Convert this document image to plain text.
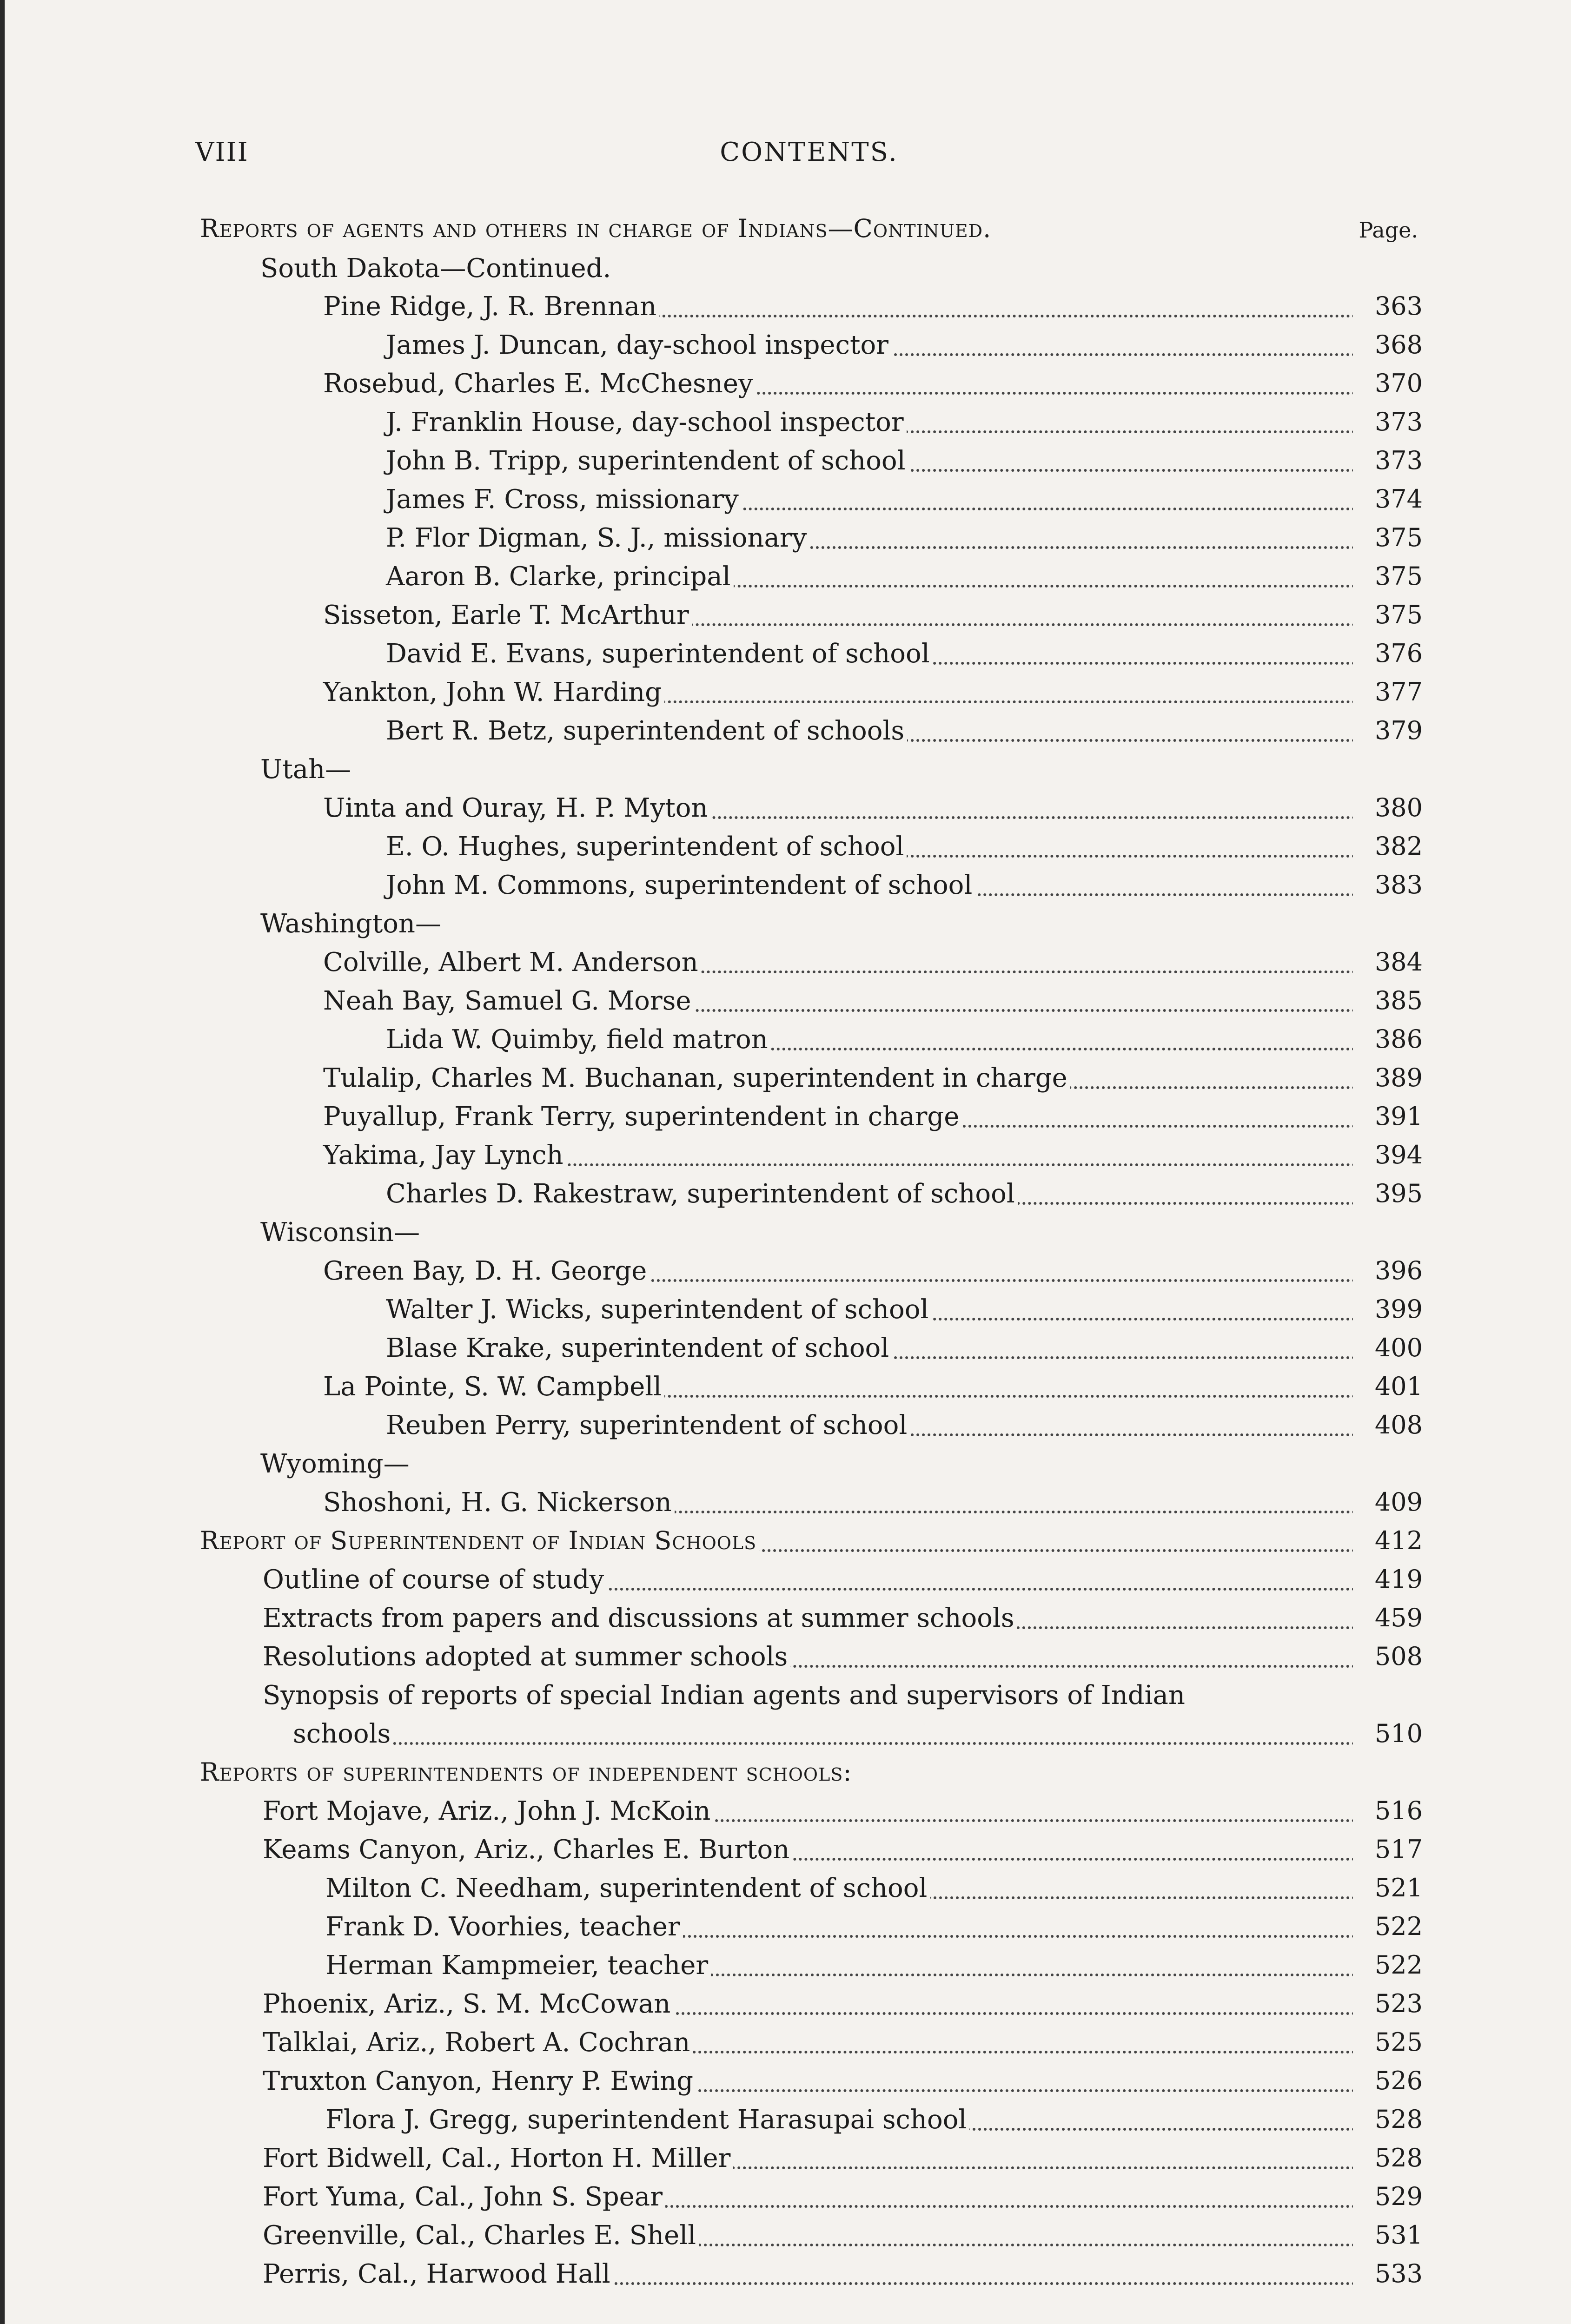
VIII	CONTENTS.
Reports of agents and others in charge of Indians—Continued.	Page.
South Dakota—Continued.
Pine Ridge, J. R. Brennan	363
James J. Duncan, day-school inspector	368
Rosebud, Charles E. McChesney	370
J. Franklin House, day-school inspector	373
John B. Tripp, superintendent of school	373
James F. Cross, missionary	374
P. Flor Digman, S. J., missionary	375
Aaron B. Clarke, principal	375
Sisseton, Earle T. McArthur	375
David E. Evans, superintendent of school	376
Yankton, John W. Harding	377
Bert R. Betz, superintendent of schools	379
Utah—
Uinta and Ouray, H. P. Myton	380
E. O. Hughes, superintendent of school	382
John M. Commons, superintendent of school	383
Washington—
Colville, Albert M. Anderson	384
Neah Bay, Samuel G. Morse	385
Lida W. Quimby, field matron	386
Tulalip, Charles M. Buchanan, superintendent in charge	389
Puyallup, Frank Terry, superintendent in charge	391
Yakima, Jay Lynch	394
Charles D. Rakestraw, superintendent of school	395
Wisconsin—
Green Bay, D. H. George	396
Walter J. Wicks, superintendent of school	399
Blase Krake, superintendent of school	400
La Pointe, S. W. Campbell	401
Reuben Perry, superintendent of school	408
Wyoming—
Shoshoni, H. G. Nickerson	409
Report of Superintendent of Indian Schools	412
Outline of course of study	419
Extracts from papers and discussions at summer schools	459
Resolutions adopted at summer schools	508
Synopsis of reports of special Indian agents and supervisors of Indian
schools	510
Reports of superintendents of independent schools:
Fort Mojave, Ariz., John J. McKoin	516
Keams Canyon, Ariz., Charles E. Burton	517
Milton C. Needham, superintendent of school	521
Frank D. Voorhies, teacher	522
Herman Kampmeier, teacher	522
Phoenix, Ariz., S. M. McCowan	523
Talklai, Ariz., Robert A. Cochran	525
Truxton Canyon, Henry P. Ewing	526
Flora J. Gregg, superintendent Harasupai school	528
Fort Bidwell, Cal., Horton H. Miller	528
Fort Yuma, Cal., John S. Spear	529
Greenville, Cal., Charles E. Shell	531
Perris, Cal., Harwood Hall	533
